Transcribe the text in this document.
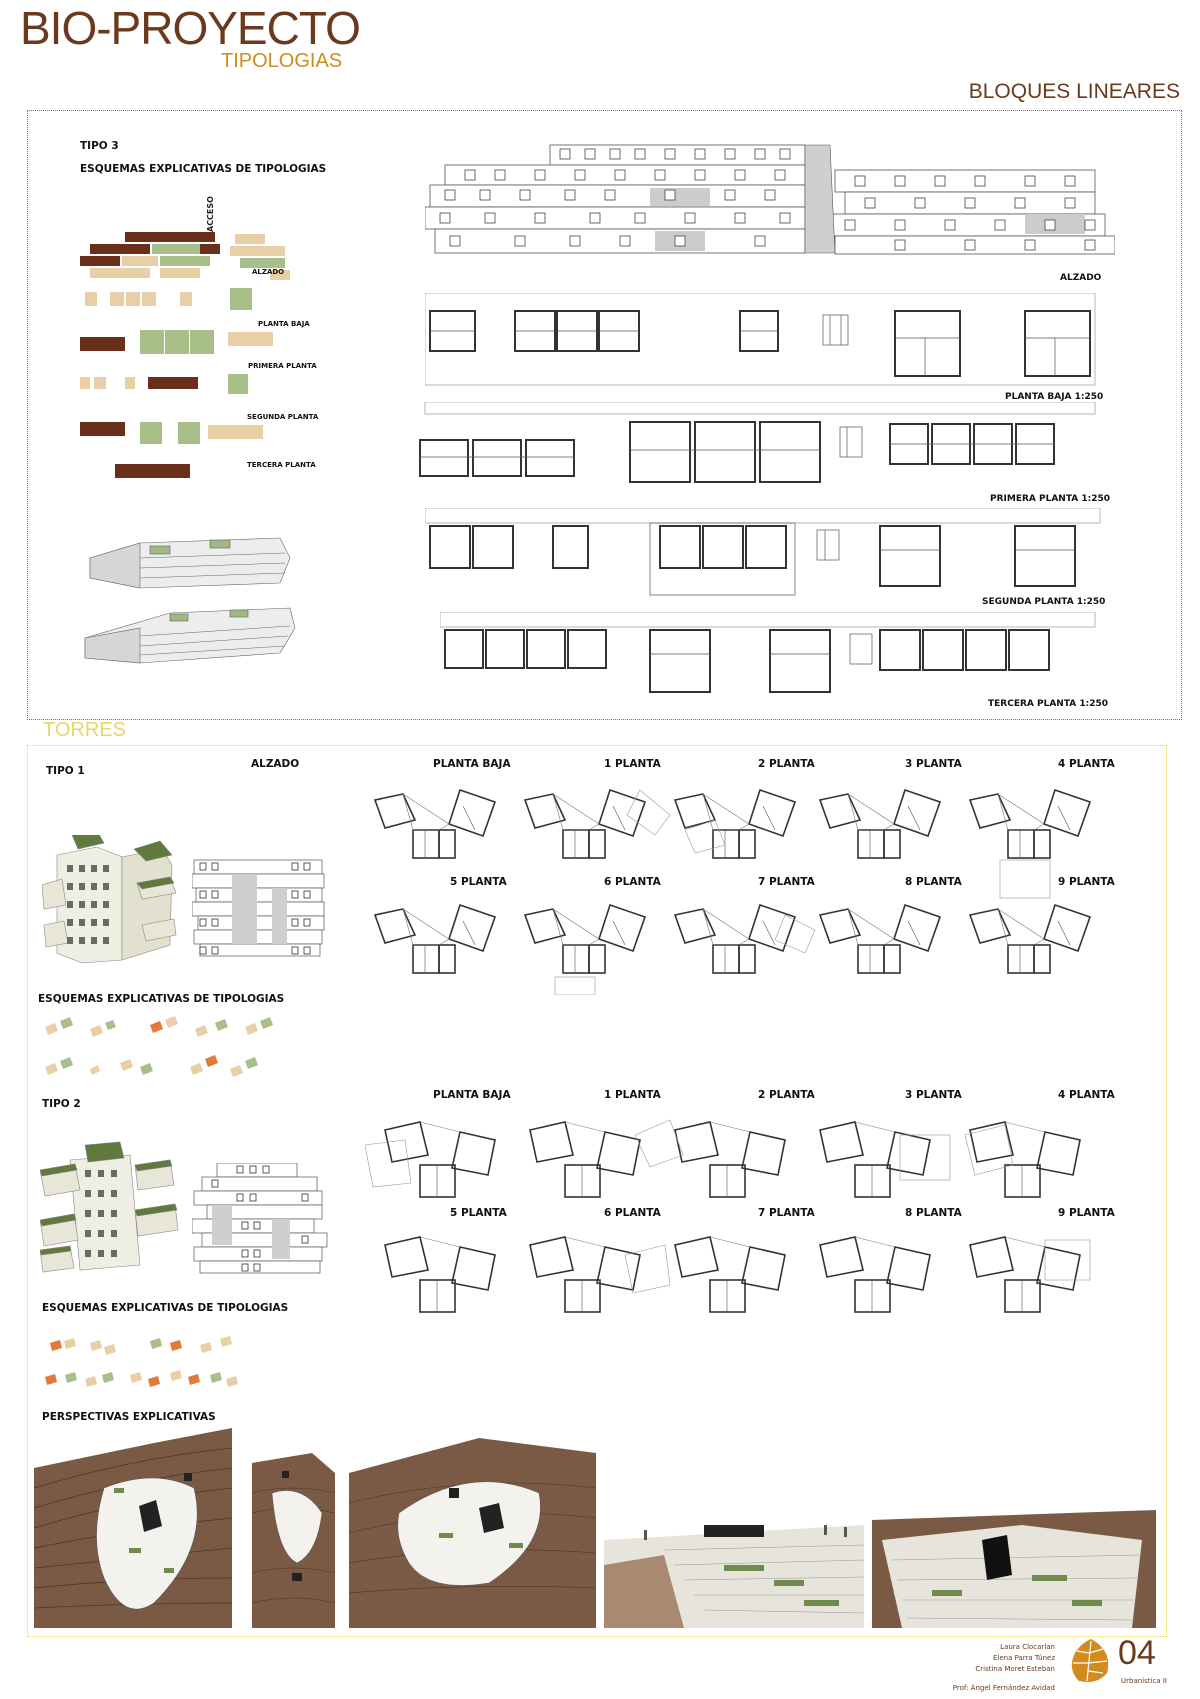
BIO-PROYECTO
TIPOLOGIAS
BLOQUES LINEARES
TIPO 3
ESQUEMAS EXPLICATIVAS DE TIPOLOGIAS
ACCESO
ALZADO
PLANTA BAJA
PRIMERA PLANTA
SEGUNDA PLANTA
TERCERA PLANTA
ALZADO
PLANTA BAJA 1:250
PRIMERA PLANTA 1:250
SEGUNDA PLANTA 1:250
TERCERA PLANTA 1:250
TORRES
TIPO 1
ALZADO	PLANTA BAJA	1 PLANTA	2 PLANTA	3 PLANTA	4 PLANTA
5 PLANTA	6 PLANTA	7 PLANTA	8 PLANTA	9 PLANTA
ESQUEMAS EXPLICATIVAS DE TIPOLOGIAS
TIPO 2
PLANTA BAJA	1 PLANTA	2 PLANTA	3 PLANTA	4 PLANTA
5 PLANTA	6 PLANTA	7 PLANTA	8 PLANTA	9 PLANTA
ESQUEMAS EXPLICATIVAS DE TIPOLOGIAS
PERSPECTIVAS EXPLICATIVAS
Laura Clocarlan
Elena Parra Túnez
Cristina Moret Esteban
Prof: Ángel Fernández Avidad
04
Urbanística II
